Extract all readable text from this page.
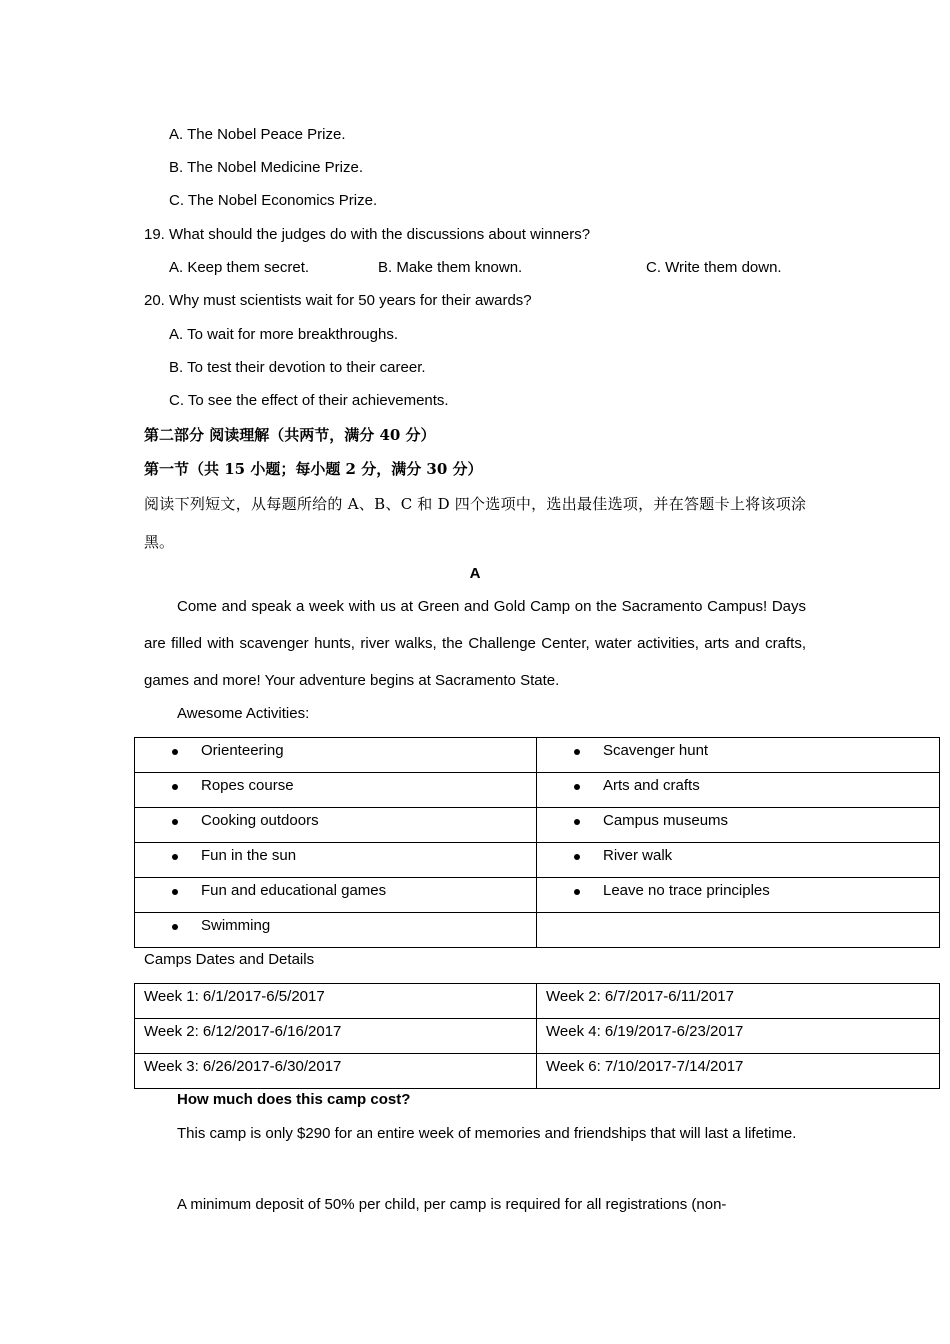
A. The Nobel Peace Prize.
B. The Nobel Medicine Prize.
C. The Nobel Economics Prize.
19. What should the judges do with the discussions about winners?
A. Keep them secret.	B. Make them known.	C. Write them down.
20. Why must scientists wait for 50 years for their awards?
A. To wait for more breakthroughs.
B. To test their devotion to their career.
C. To see the effect of their achievements.
第二部分 阅读理解（共两节，满分 40 分）
第一节（共 15 小题；每小题 2 分，满分 30 分）
阅读下列短文，从每题所给的 A、B、C 和 D 四个选项中，选出最佳选项，并在答题卡上将该项涂黑。
A
Come and speak a week with us at Green and Gold Camp on the Sacramento Campus! Days are filled with scavenger hunts, river walks, the Challenge Center, water activities, arts and crafts, games and more! Your adventure begins at Sacramento State.
Awesome Activities:
Orienteering	Scavenger hunt

Ropes course	Arts and crafts

Cooking outdoors	Campus museums

Fun in the sun	River walk

Fun and educational games	Leave no trace principles

Swimming	

Camps Dates and Details
Week 1: 6/1/2017-6/5/2017	Week 2: 6/7/2017-6/11/2017

Week 2: 6/12/2017-6/16/2017	Week 4: 6/19/2017-6/23/2017

Week 3: 6/26/2017-6/30/2017	Week 6: 7/10/2017-7/14/2017
How much does this camp cost?
This camp is only $290 for an entire week of memories and friendships that will last a lifetime.
A minimum deposit of 50% per child, per camp is required for all registrations (non-
